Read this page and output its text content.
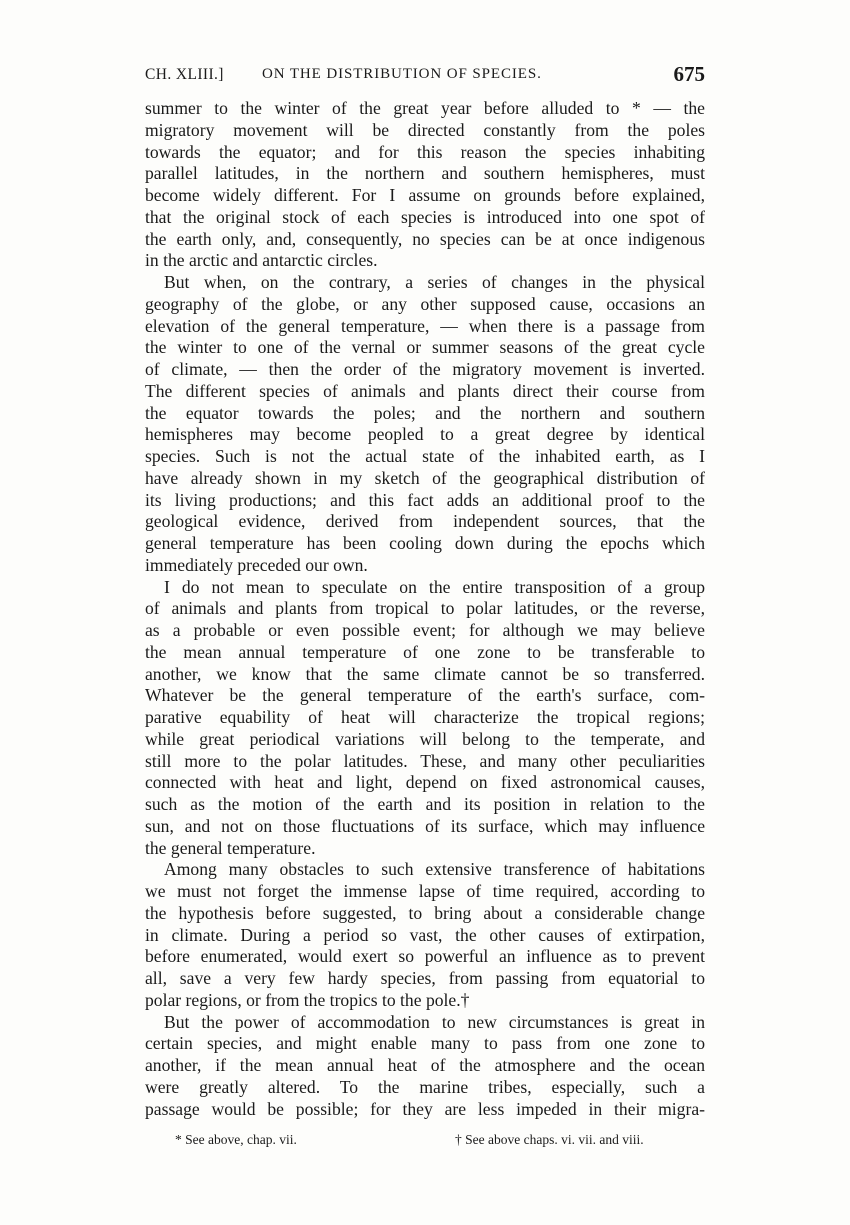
CH. XLIII.]	ON THE DISTRIBUTION OF SPECIES.	675
summer to the winter of the great year before alluded to * — the
migratory movement will be directed constantly from the poles
towards the equator; and for this reason the species inhabiting
parallel latitudes, in the northern and southern hemispheres, must
become widely different. For I assume on grounds before explained,
that the original stock of each species is introduced into one spot of
the earth only, and, consequently, no species can be at once indigenous
in the arctic and antarctic circles.
But when, on the contrary, a series of changes in the physical
geography of the globe, or any other supposed cause, occasions an
elevation of the general temperature, — when there is a passage from
the winter to one of the vernal or summer seasons of the great cycle
of climate, — then the order of the migratory movement is inverted.
The different species of animals and plants direct their course from
the equator towards the poles; and the northern and southern
hemispheres may become peopled to a great degree by identical
species. Such is not the actual state of the inhabited earth, as I
have already shown in my sketch of the geographical distribution of
its living productions; and this fact adds an additional proof to the
geological evidence, derived from independent sources, that the
general temperature has been cooling down during the epochs which
immediately preceded our own.
I do not mean to speculate on the entire transposition of a group
of animals and plants from tropical to polar latitudes, or the reverse,
as a probable or even possible event; for although we may believe
the mean annual temperature of one zone to be transferable to
another, we know that the same climate cannot be so transferred.
Whatever be the general temperature of the earth's surface, com-
parative equability of heat will characterize the tropical regions;
while great periodical variations will belong to the temperate, and
still more to the polar latitudes. These, and many other peculiarities
connected with heat and light, depend on fixed astronomical causes,
such as the motion of the earth and its position in relation to the
sun, and not on those fluctuations of its surface, which may influence
the general temperature.
Among many obstacles to such extensive transference of habitations
we must not forget the immense lapse of time required, according to
the hypothesis before suggested, to bring about a considerable change
in climate. During a period so vast, the other causes of extirpation,
before enumerated, would exert so powerful an influence as to prevent
all, save a very few hardy species, from passing from equatorial to
polar regions, or from the tropics to the pole.†
But the power of accommodation to new circumstances is great in
certain species, and might enable many to pass from one zone to
another, if the mean annual heat of the atmosphere and the ocean
were greatly altered. To the marine tribes, especially, such a
passage would be possible; for they are less impeded in their migra-
* See above, chap. vii.	† See above chaps. vi. vii. and viii.
